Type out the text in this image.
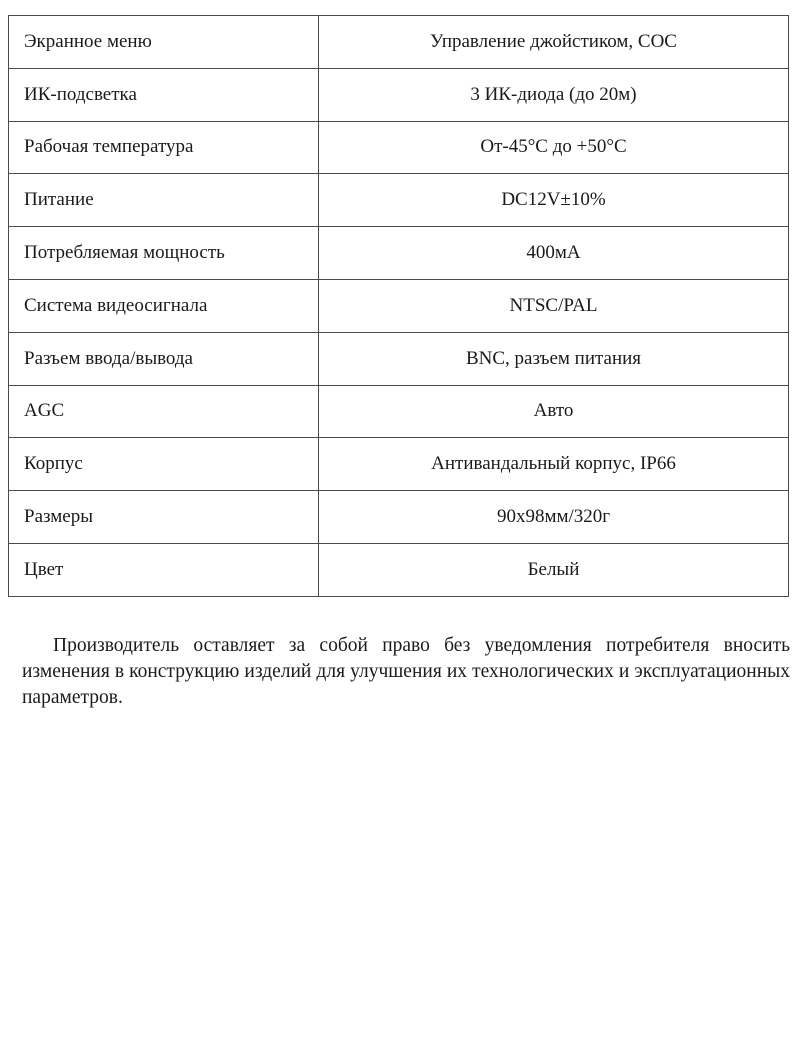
Экранное меню	Управление джойстиком, COC
ИК-подсветка	3 ИК-диода (до 20м)
Рабочая температура	От-45°С до +50°С
Питание	DC12V±10%
Потребляемая мощность	400мА
Система видеосигнала	NTSC/PAL
Разъем ввода/вывода	BNC, разъем питания
AGC	Авто
Корпус	Антивандальный корпус, IP66
Размеры	90x98мм/320г
Цвет	Белый

Производитель оставляет за собой право без уведомления потребителя вносить изменения в конструкцию изделий для улучшения их технологических и эксплуатационных параметров.
